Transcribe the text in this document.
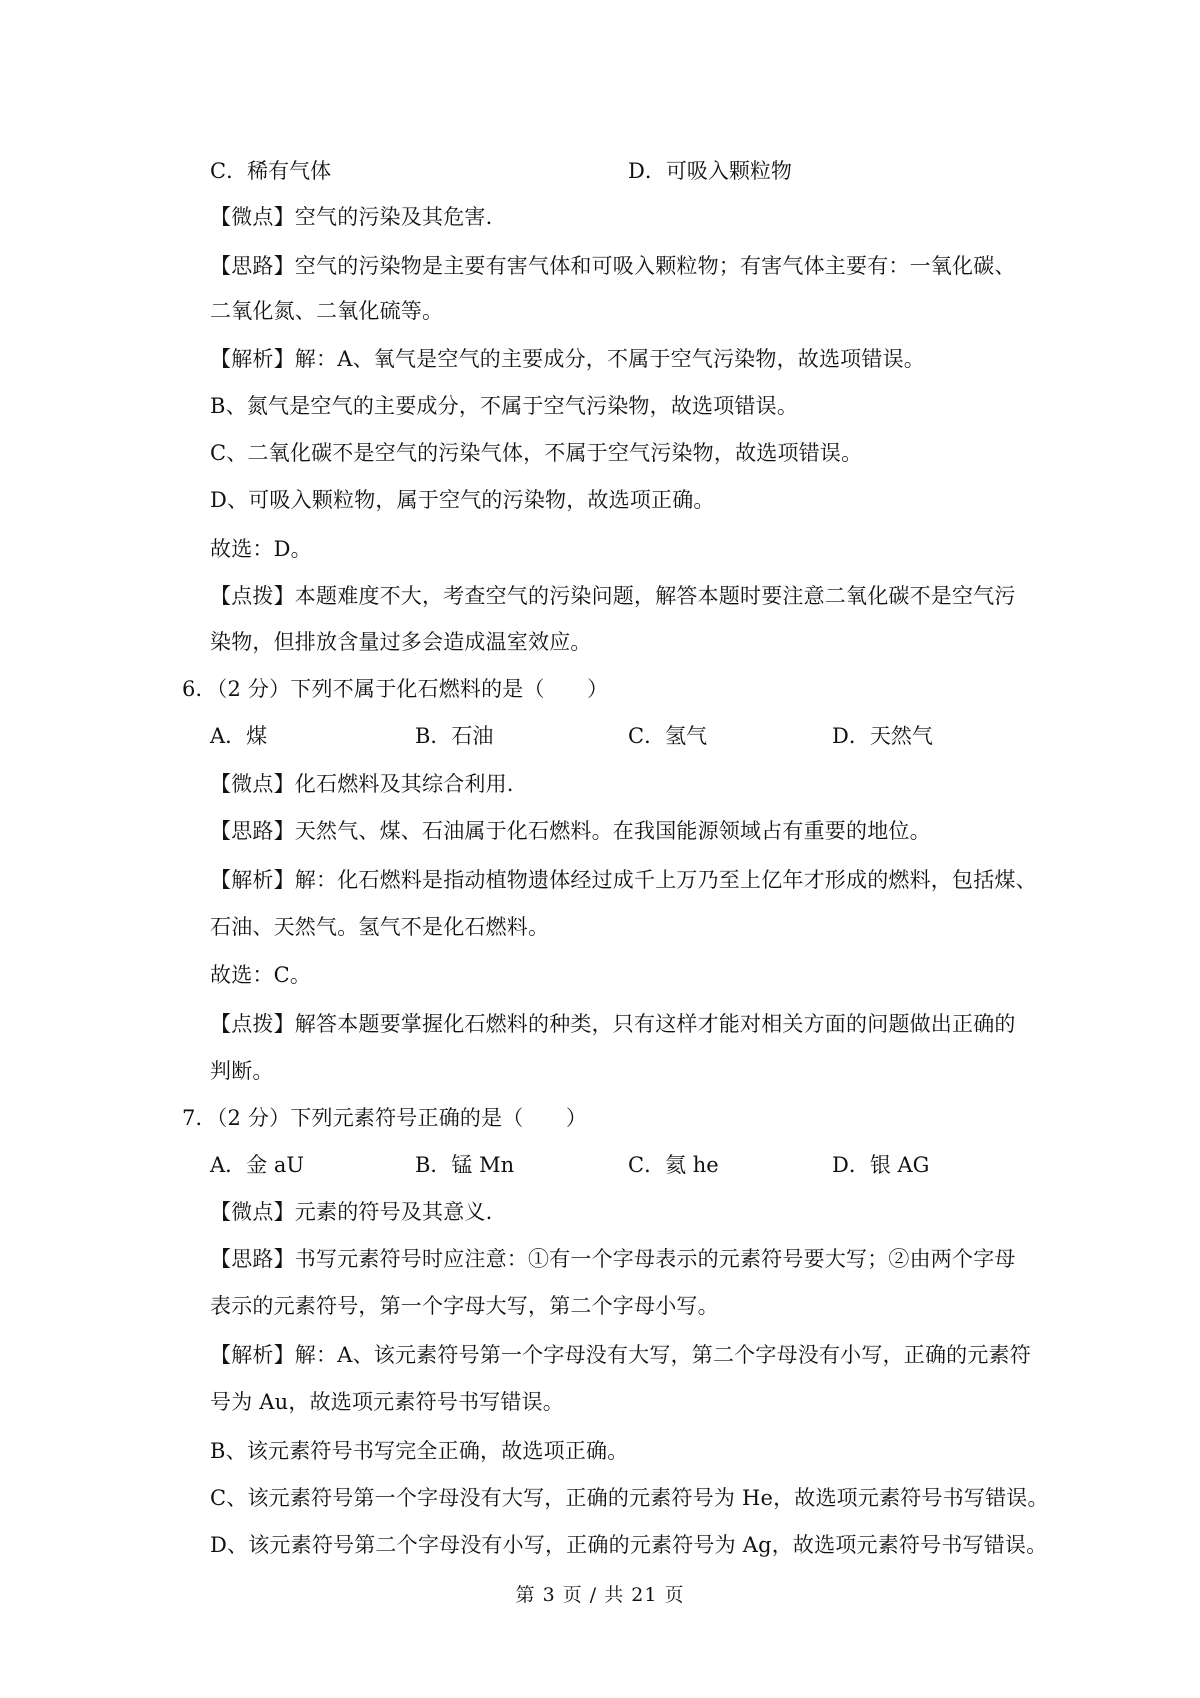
C．稀有气体	D．可吸入颗粒物
【微点】空气的污染及其危害.
【思路】空气的污染物是主要有害气体和可吸入颗粒物；有害气体主要有：一氧化碳、
二氧化氮、二氧化硫等。
【解析】解：A、氧气是空气的主要成分，不属于空气污染物，故选项错误。
B、氮气是空气的主要成分，不属于空气污染物，故选项错误。
C、二氧化碳不是空气的污染气体，不属于空气污染物，故选项错误。
D、可吸入颗粒物，属于空气的污染物，故选项正确。
故选：D。
【点拨】本题难度不大，考查空气的污染问题，解答本题时要注意二氧化碳不是空气污
染物，但排放含量过多会造成温室效应。
6．（2 分）下列不属于化石燃料的是（　　）
A．煤	B．石油	C．氢气	D．天然气
【微点】化石燃料及其综合利用.
【思路】天然气、煤、石油属于化石燃料。在我国能源领域占有重要的地位。
【解析】解：化石燃料是指动植物遗体经过成千上万乃至上亿年才形成的燃料，包括煤、
石油、天然气。氢气不是化石燃料。
故选：C。
【点拨】解答本题要掌握化石燃料的种类，只有这样才能对相关方面的问题做出正确的
判断。
7．（2 分）下列元素符号正确的是（　　）
A．金 aU	B．锰 Mn	C．氦 he	D．银 AG
【微点】元素的符号及其意义.
【思路】书写元素符号时应注意：①有一个字母表示的元素符号要大写；②由两个字母
表示的元素符号，第一个字母大写，第二个字母小写。
【解析】解：A、该元素符号第一个字母没有大写，第二个字母没有小写，正确的元素符
号为 Au，故选项元素符号书写错误。
B、该元素符号书写完全正确，故选项正确。
C、该元素符号第一个字母没有大写，正确的元素符号为 He，故选项元素符号书写错误。
D、该元素符号第二个字母没有小写，正确的元素符号为 Ag，故选项元素符号书写错误。
第 3 页 / 共 21 页
